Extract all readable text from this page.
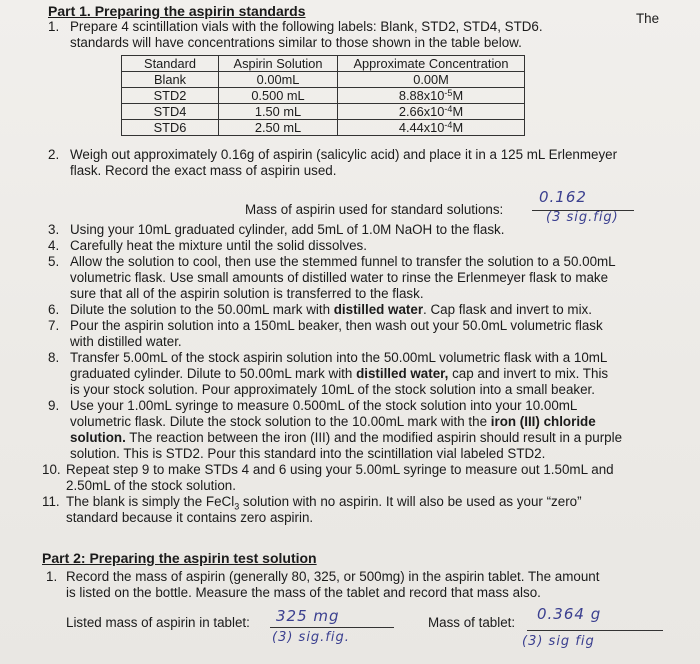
Part 1. Preparing the aspirin standards
1. Prepare 4 scintillation vials with the following labels: Blank, STD2, STD4, STD6.
The
standards will have concentrations similar to those shown in the table below.
Standard	Aspirin Solution	Approximate Concentration
Blank	0.00mL	0.00M
STD2	0.500 mL	$8.88x10^{-5}M$
STD4	1.50 mL	$2.66x10^{-4}M$
STD6	2.50 mL	$4.44x10^{-4}M$
2. Weigh out approximately 0.16g of aspirin (salicylic acid) and place it in a 125 mL Erlenmeyer
flask. Record the exact mass of aspirin used.
Mass of aspirin used for standard solutions:
0.162
(3 sig.fig)
3. Using your 10mL graduated cylinder, add 5mL of 1.0M NaOH to the flask.
4. Carefully heat the mixture until the solid dissolves.
5. Allow the solution to cool, then use the stemmed funnel to transfer the solution to a 50.00mL
volumetric flask. Use small amounts of distilled water to rinse the Erlenmeyer flask to make
sure that all of the aspirin solution is transferred to the flask.
6. Dilute the solution to the 50.00mL mark with distilled water. Cap flask and invert to mix.
7. Pour the aspirin solution into a 150mL beaker, then wash out your 50.0mL volumetric flask
with distilled water.
8. Transfer 5.00mL of the stock aspirin solution into the 50.00mL volumetric flask with a 10mL
graduated cylinder. Dilute to 50.00mL mark with distilled water, cap and invert to mix. This
is your stock solution. Pour approximately 10mL of the stock solution into a small beaker.
9. Use your 1.00mL syringe to measure 0.500mL of the stock solution into your 10.00mL
volumetric flask. Dilute the stock solution to the 10.00mL mark with the iron (III) chloride
solution. The reaction between the iron (III) and the modified aspirin should result in a purple
solution. This is STD2. Pour this standard into the scintillation vial labeled STD2.
10. Repeat step 9 to make STDs 4 and 6 using your 5.00mL syringe to measure out 1.50mL and
2.50mL of the stock solution.
11. The blank is simply the FeCl$_3$ solution with no aspirin. It will also be used as your “zero”
standard because it contains zero aspirin.
Part 2: Preparing the aspirin test solution
1. Record the mass of aspirin (generally 80, 325, or 500mg) in the aspirin tablet. The amount
is listed on the bottle. Measure the mass of the tablet and record that mass also.
Listed mass of aspirin in tablet: 325 mg
(3) sig.fig.
Mass of tablet: 0.364 g
(3) sig fig
